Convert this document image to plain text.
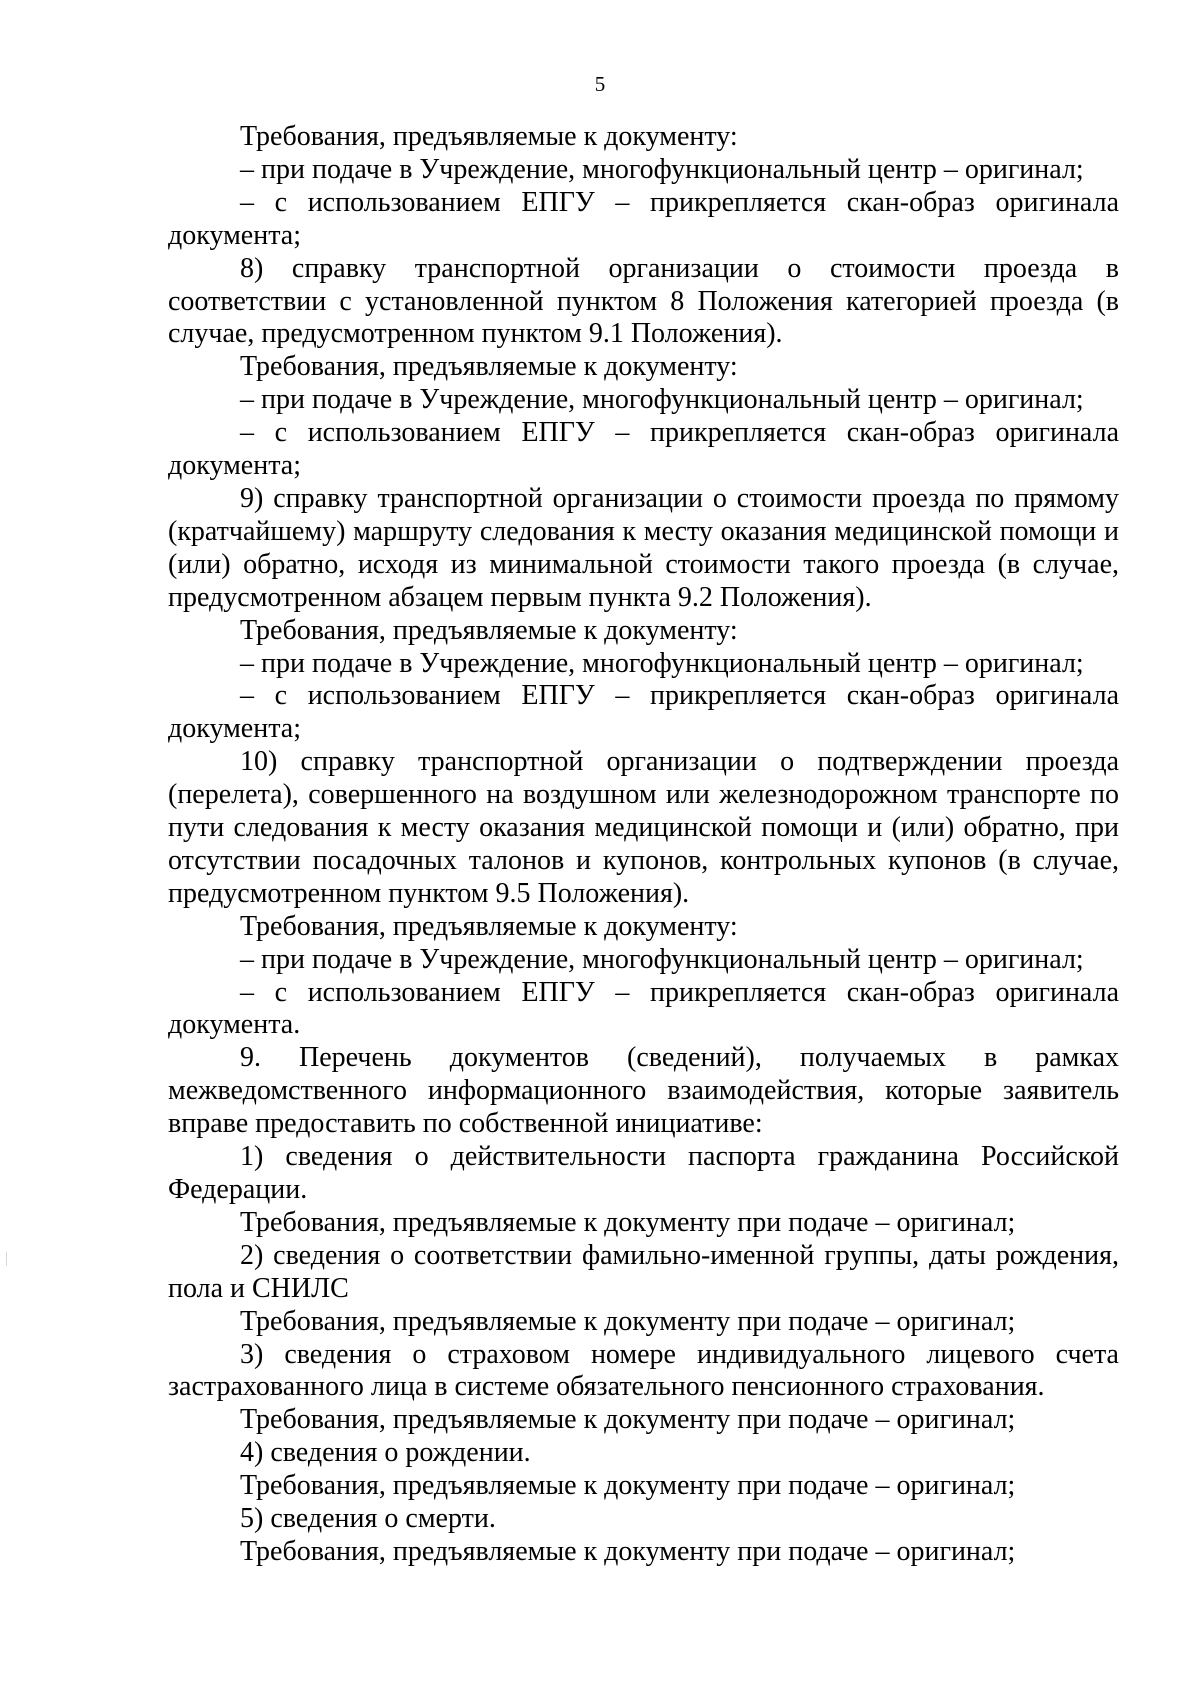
5

Требования, предъявляемые к документу:

– при подаче в Учреждение, многофункциональный центр – оригинал;

– с использованием ЕПГУ – прикрепляется скан-образ оригинала документа;

8) справку транспортной организации о стоимости проезда в соответствии с установленной пунктом 8 Положения категорией проезда (в случае, предусмотренном пунктом 9.1 Положения).

Требования, предъявляемые к документу:

– при подаче в Учреждение, многофункциональный центр – оригинал;

– с использованием ЕПГУ – прикрепляется скан-образ оригинала документа;

9) справку транспортной организации о стоимости проезда по прямому (кратчайшему) маршруту следования к месту оказания медицинской помощи и (или) обратно, исходя из минимальной стоимости такого проезда (в случае, предусмотренном абзацем первым пункта 9.2 Положения).

Требования, предъявляемые к документу:

– при подаче в Учреждение, многофункциональный центр – оригинал;

– с использованием ЕПГУ – прикрепляется скан-образ оригинала документа;

10) справку транспортной организации о подтверждении проезда (перелета), совершенного на воздушном или железнодорожном транспорте по пути следования к месту оказания медицинской помощи и (или) обратно, при отсутствии посадочных талонов и купонов, контрольных купонов (в случае, предусмотренном пунктом 9.5 Положения).

Требования, предъявляемые к документу:

– при подаче в Учреждение, многофункциональный центр – оригинал;

– с использованием ЕПГУ – прикрепляется скан-образ оригинала документа.

9. Перечень документов (сведений), получаемых в рамках межведомственного информационного взаимодействия, которые заявитель вправе предоставить по собственной инициативе:

1) сведения о действительности паспорта гражданина Российской Федерации.

Требования, предъявляемые к документу при подаче – оригинал;

2) сведения о соответствии фамильно-именной группы, даты рождения, пола и СНИЛС

Требования, предъявляемые к документу при подаче – оригинал;

3) сведения о страховом номере индивидуального лицевого счета застрахованного лица в системе обязательного пенсионного страхования.

Требования, предъявляемые к документу при подаче – оригинал;

4) сведения о рождении.

Требования, предъявляемые к документу при подаче – оригинал;

5) сведения о смерти.

Требования, предъявляемые к документу при подаче – оригинал;
